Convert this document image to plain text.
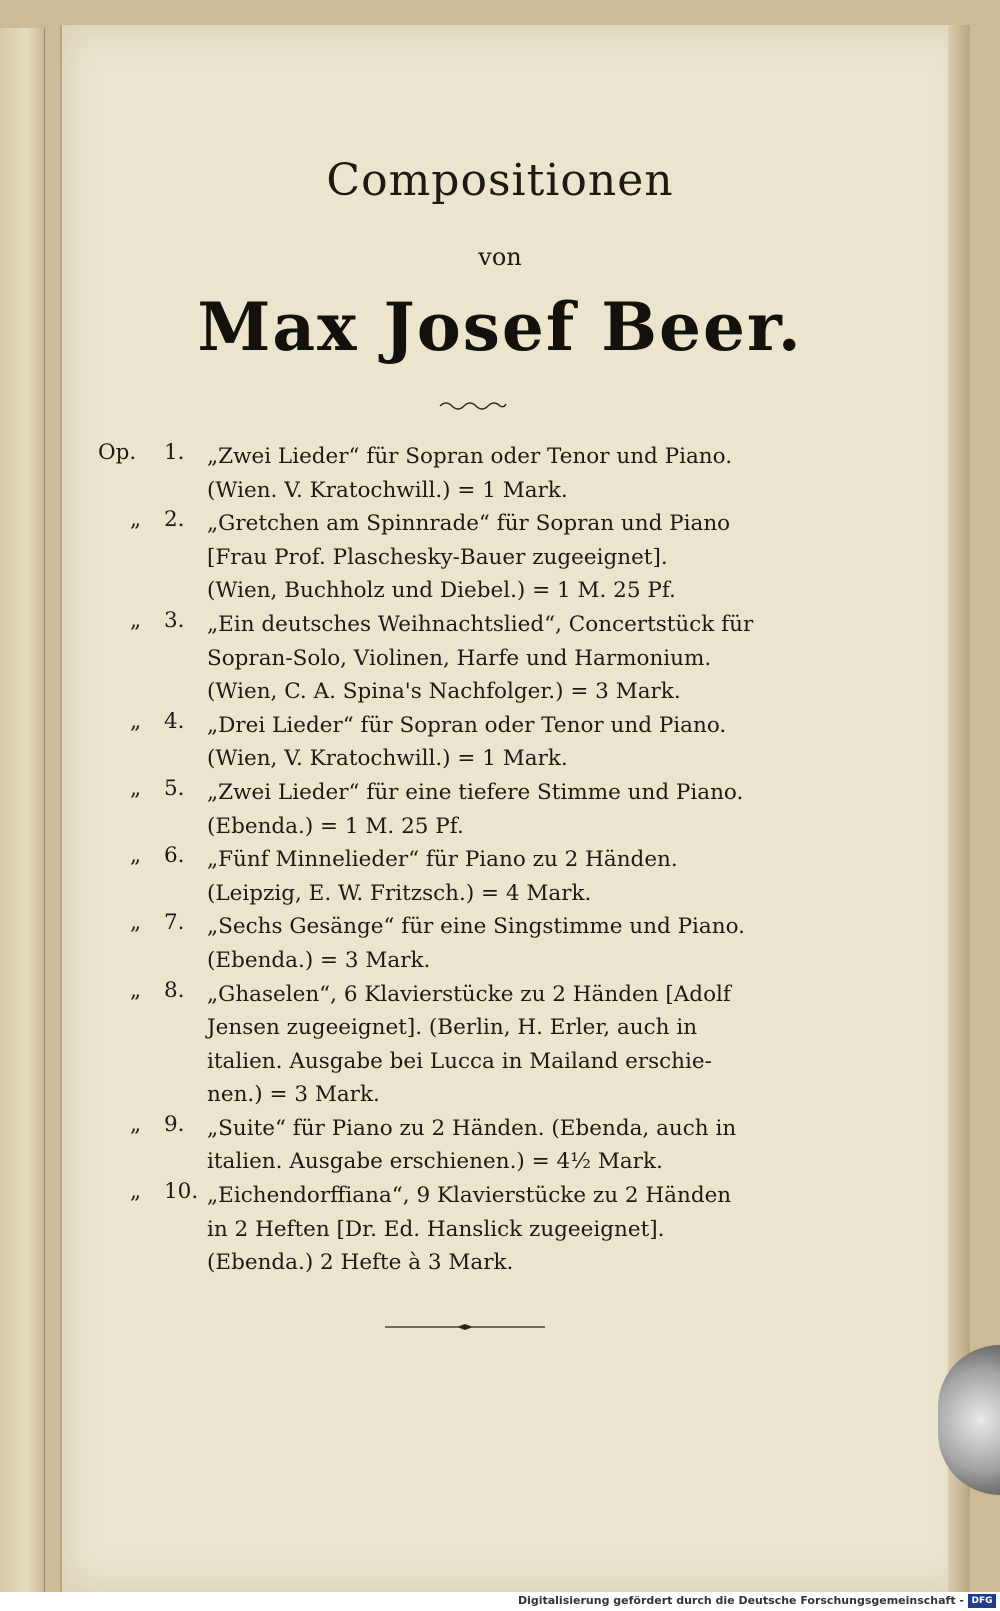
Compositionen
von
Max Josef Beer.
Op.	1. „Zwei Lieder“ für Sopran oder Tenor und Piano.
(Wien. V. Kratochwill.) = 1 Mark.
„ 2. „Gretchen am Spinnrade“ für Sopran und Piano
[Frau Prof. Plaschesky-Bauer zugeeignet].
(Wien, Buchholz und Diebel.) = 1 M. 25 Pf.
„ 3. „Ein deutsches Weihnachtslied“, Concertstück für
Sopran-Solo, Violinen, Harfe und Harmonium.
(Wien, C. A. Spina's Nachfolger.) = 3 Mark.
„ 4. „Drei Lieder“ für Sopran oder Tenor und Piano.
(Wien, V. Kratochwill.) = 1 Mark.
„ 5. „Zwei Lieder“ für eine tiefere Stimme und Piano.
(Ebenda.) = 1 M. 25 Pf.
„ 6. „Fünf Minnelieder“ für Piano zu 2 Händen.
(Leipzig, E. W. Fritzsch.) = 4 Mark.
„ 7. „Sechs Gesänge“ für eine Singstimme und Piano.
(Ebenda.) = 3 Mark.
„ 8. „Ghaselen“, 6 Klavierstücke zu 2 Händen [Adolf
Jensen zugeeignet]. (Berlin, H. Erler, auch in
italien. Ausgabe bei Lucca in Mailand erschie-
nen.) = 3 Mark.
„ 9. „Suite“ für Piano zu 2 Händen. (Ebenda, auch in
italien. Ausgabe erschienen.) = 4½ Mark.
„ 10. „Eichendorffiana“, 9 Klavierstücke zu 2 Händen
in 2 Heften [Dr. Ed. Hanslick zugeeignet].
(Ebenda.) 2 Hefte à 3 Mark.
Digitalisierung gefördert durch die Deutsche Forschungsgemeinschaft - DFG
